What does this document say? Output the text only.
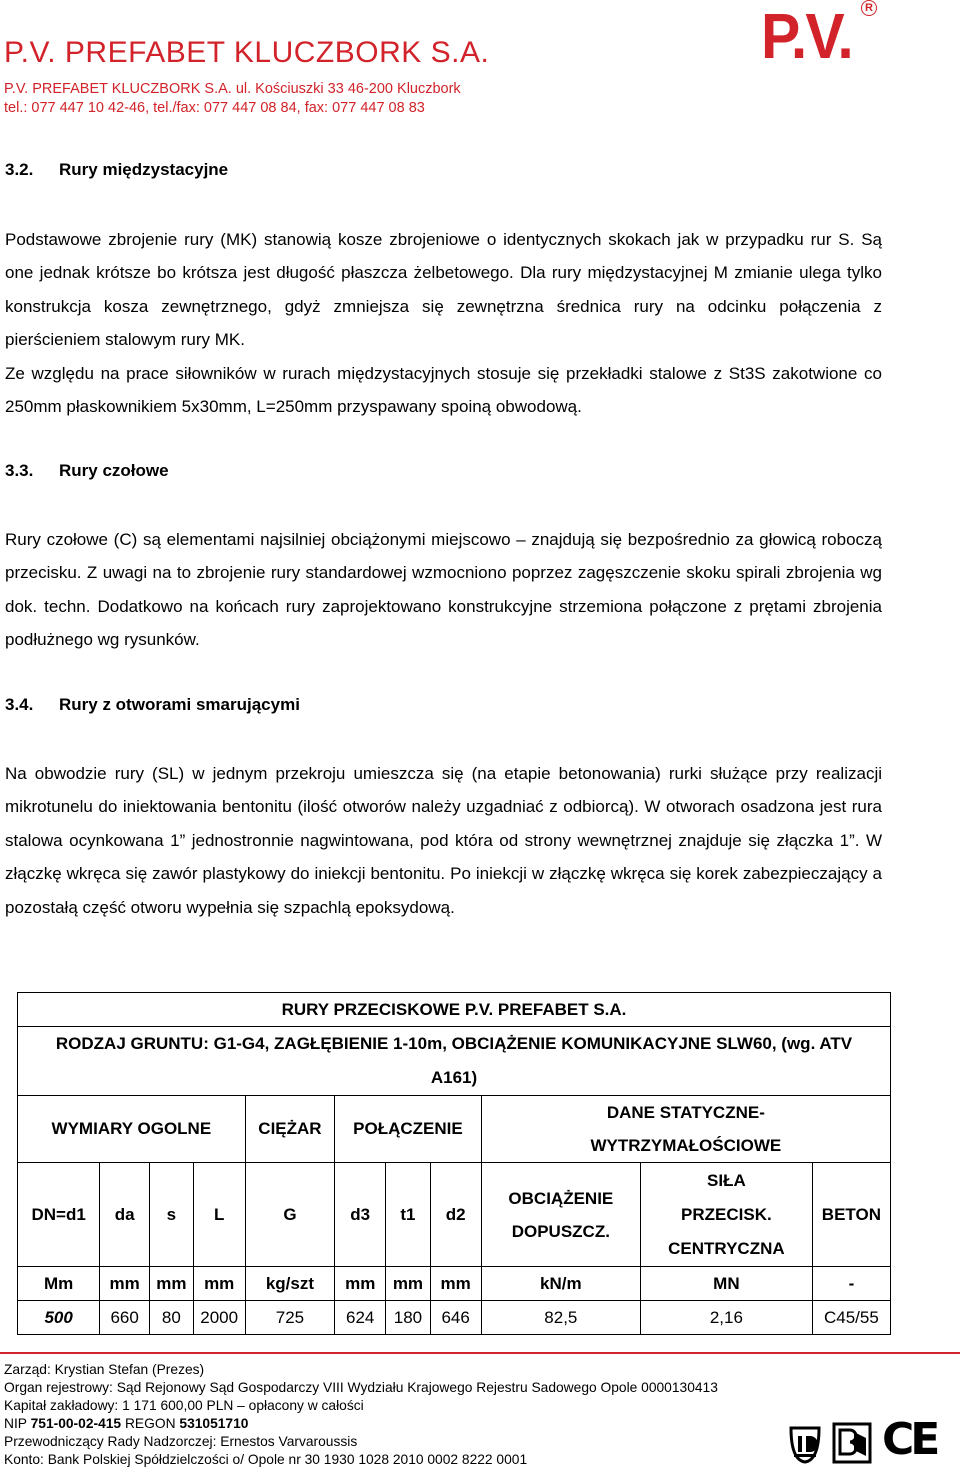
P.V. PREFABET KLUCZBORK S.A.
P.V. PREFABET KLUCZBORK S.A. ul. Kościuszki 33 46-200 Kluczbork
tel.: 077 447 10 42-46, tel./fax: 077 447 08 84, fax: 077 447 08 83
P.V.	R
3.2. Rury międzystacyjne
Podstawowe zbrojenie rury (MK) stanowią kosze zbrojeniowe o identycznych skokach jak w przypadku rur S. Są one jednak krótsze bo krótsza jest długość płaszcza żelbetowego. Dla rury międzystacyjnej M zmianie ulega tylko konstrukcja kosza zewnętrznego, gdyż zmniejsza się zewnętrzna średnica rury na odcinku połączenia z pierścieniem stalowym rury MK.
Ze względu na prace siłowników w rurach międzystacyjnych stosuje się przekładki stalowe z St3S zakotwione co 250mm płaskownikiem 5x30mm, L=250mm przyspawany spoiną obwodową.
3.3. Rury czołowe
Rury czołowe (C) są elementami najsilniej obciążonymi miejscowo – znajdują się bezpośrednio za głowicą roboczą przecisku. Z uwagi na to zbrojenie rury standardowej wzmocniono poprzez zagęszczenie skoku spirali zbrojenia wg dok. techn. Dodatkowo na końcach rury zaprojektowano konstrukcyjne strzemiona połączone z prętami zbrojenia podłużnego wg rysunków.
3.4. Rury z otworami smarującymi
Na obwodzie rury (SL) w jednym przekroju umieszcza się (na etapie betonowania) rurki służące przy realizacji mikrotunelu do iniektowania bentonitu (ilość otworów należy uzgadniać z odbiorcą). W otworach osadzona jest rura stalowa ocynkowana 1” jednostronnie nagwintowana, pod która od strony wewnętrznej znajduje się złączka 1”. W złączkę wkręca się zawór plastykowy do iniekcji bentonitu. Po iniekcji w złączkę wkręca się korek zabezpieczający a pozostałą część otworu wypełnia się szpachlą epoksydową.
RURY PRZECISKOWE P.V. PREFABET S.A.										
RODZAJ GRUNTU: G1-G4, ZAGŁĘBIENIE 1-10m, OBCIĄŻENIE KOMUNIKACYJNE SLW60, (wg. ATV A161)										
WYMIARY OGOLNE				CIĘŻAR	POŁĄCZENIE			DANE STATYCZNE-WYTRZYMAŁOŚCIOWE		
DN=d1	da	s	L	G	d3	t1	d2	OBCIĄŻENIE DOPUSZCZ.	SIŁA PRZECISK. CENTRYCZNA	BETON
Mm	mm	mm	mm	kg/szt	mm	mm	mm	kN/m	MN	-
500	660	80	2000	725	624	180	646	82,5	2,16	C45/55
Zarząd: Krystian Stefan (Prezes)
Organ rejestrowy: Sąd Rejonowy Sąd Gospodarczy VIII Wydziału Krajowego Rejestru Sadowego Opole 0000130413
Kapitał zakładowy: 1 171 600,00 PLN – opłacony w całości
NIP 751-00-02-415 REGON 531051710
Przewodniczący Rady Nadzorczej: Ernestos Varvaroussis
Konto: Bank Polskiej Spółdzielczości o/ Opole nr 30 1930 1028 2010 0002 8222 0001	CE
